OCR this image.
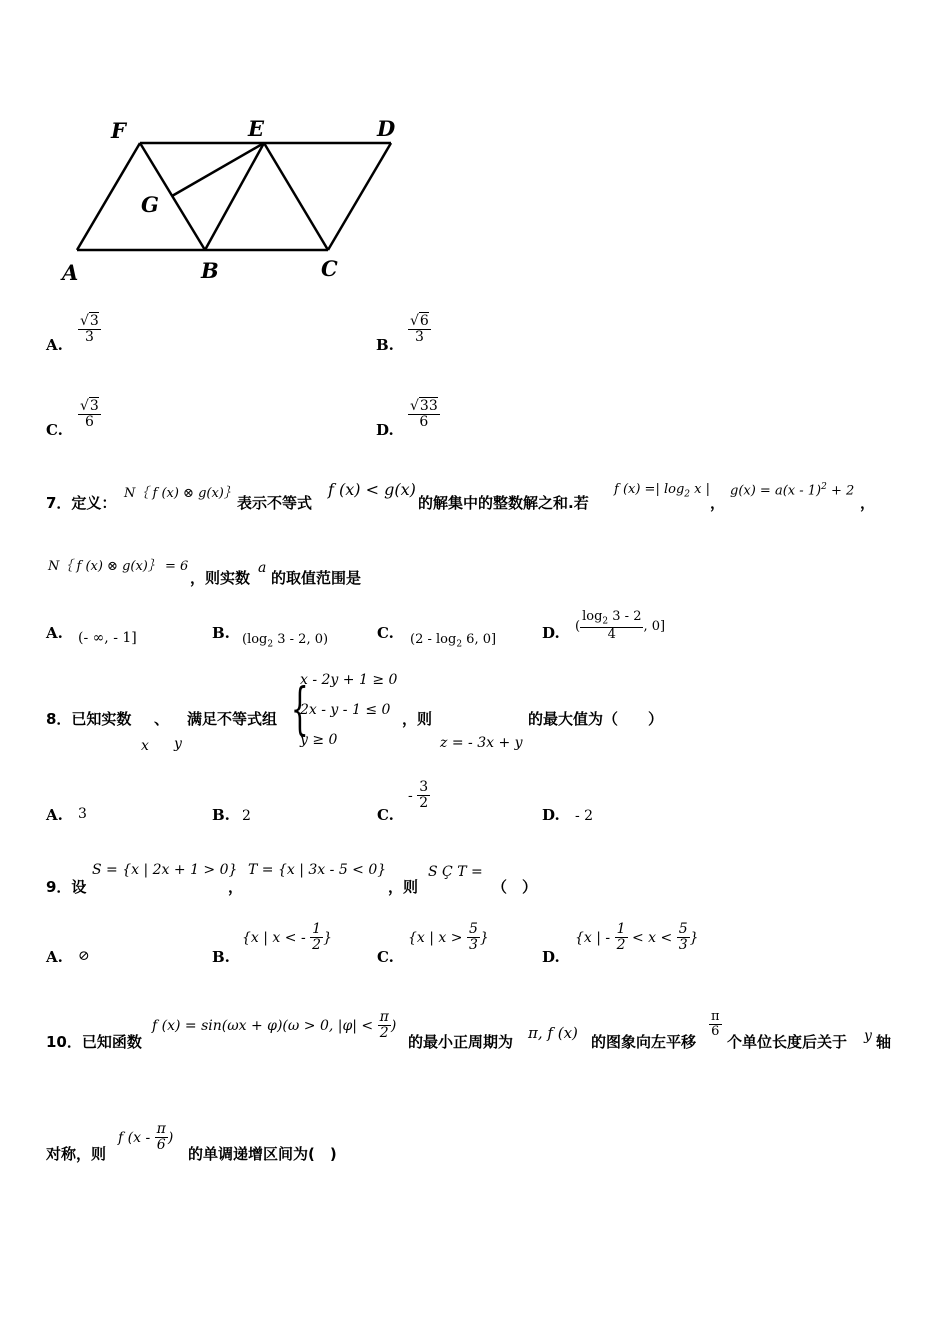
F	E	D
G
A	B	C
A. $\frac{√3}{3}$	B. $\frac{√6}{3}$
C. $\frac{√3}{6}$	D. $\frac{√33}{6}$
7．定义：
N｛ f (x) ⊗ g(x)｝
表示不等式
f (x) < g(x)
的解集中的整数解之和.若
f (x) =| $\log_2 x$ |
，
g(x) = a(x - 1)$^2$ + 2
，
N｛ f (x) ⊗ g(x)｝ = 6
，则实数
a
的取值范围是
A. (- ∞, - 1]	B. ($\log_2$ 3 - 2, 0)	C. ($2 - \log_2 6$, 0]	D. ( $\frac{\log_2 3 - 2}{4}$ , 0]
8．已知实数 、
x y
满足不等式组 {
x - 2y + 1 ≥ 0
2x - y - 1 ≤ 0
y ≥ 0
，则
z = - 3x + y
的最大值为（　　）
A. 3	B. 2	C.
- $\frac{3}{2}$
D. - 2
9．设
S = {x | 2x + 1 > 0}
，
T = {x | 3x - 5 < 0}
，则
S Ç T =
（　）
A. ⊘	B.
{x | x < - $\frac{1}{2}$ }
C.
{x | $x > \frac{5}{3}$ }
D.
{x | - $\frac{1}{2} < x < \frac{5}{3}$ }
10．已知函数
f (x) = sin(ωx + φ)(ω > 0, $|\varphi| < \frac{\pi}{2}$ )
的最小正周期为 π, f (x) 的图象向左平移
$\frac{\pi}{6}$
个单位长度后关于 y 轴
对称，则
f ($x - \frac{\pi}{6}$ )
的单调递增区间为(　)
